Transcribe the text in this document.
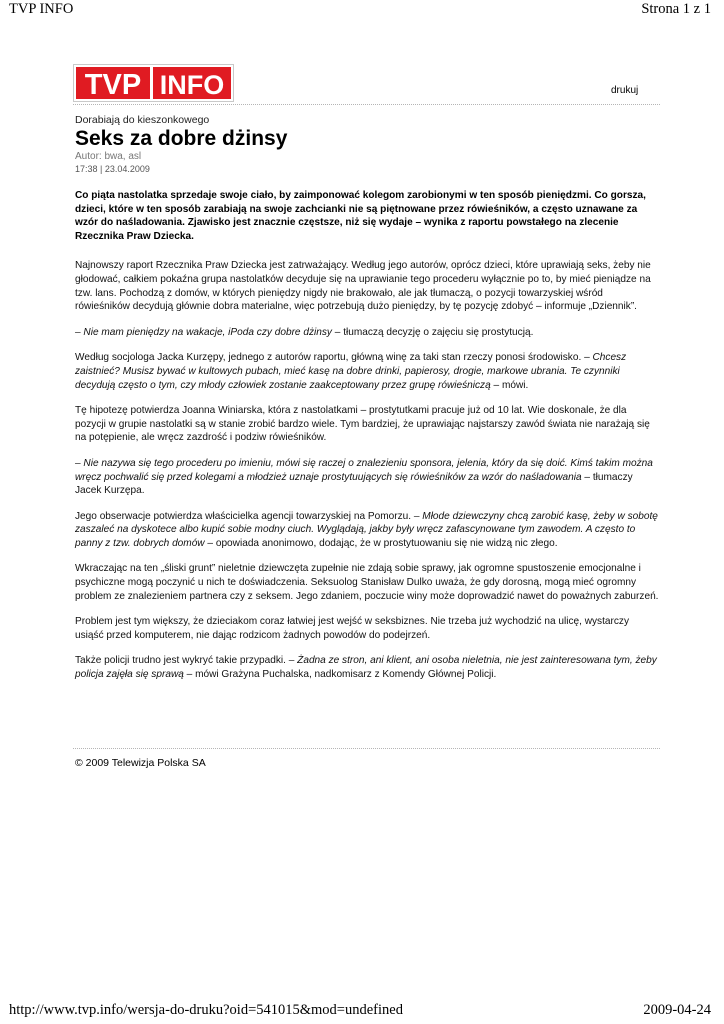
TVP INFO	Strona 1 z 1
TVP INFO	drukuj
Dorabiają do kieszonkowego
Seks za dobre dżinsy
Autor: bwa, asl
17:38 | 23.04.2009

Co piąta nastolatka sprzedaje swoje ciało, by zaimponować kolegom zarobionymi w ten sposób pieniędzmi. Co gorsza, dzieci, które w ten sposób zarabiają na swoje zachcianki nie są piętnowane przez rówieśników, a często uznawane za wzór do naśladowania. Zjawisko jest znacznie częstsze, niż się wydaje – wynika z raportu powstałego na zlecenie Rzecznika Praw Dziecka.

Najnowszy raport Rzecznika Praw Dziecka jest zatrważający. Według jego autorów, oprócz dzieci, które uprawiają seks, żeby nie głodować, całkiem pokaźna grupa nastolatków decyduje się na uprawianie tego procederu wyłącznie po to, by mieć pieniądze na tzw. lans. Pochodzą z domów, w których pieniędzy nigdy nie brakowało, ale jak tłumaczą, o pozycji towarzyskiej wśród rówieśników decydują głównie dobra materialne, więc potrzebują dużo pieniędzy, by tę pozycję zdobyć – informuje „Dziennik”.

– Nie mam pieniędzy na wakacje, iPoda czy dobre dżinsy – tłumaczą decyzję o zajęciu się prostytucją.

Według socjologa Jacka Kurzępy, jednego z autorów raportu, główną winę za taki stan rzeczy ponosi środowisko. – Chcesz zaistnieć? Musisz bywać w kultowych pubach, mieć kasę na dobre drinki, papierosy, drogie, markowe ubrania. Te czynniki decydują często o tym, czy młody człowiek zostanie zaakceptowany przez grupę rówieśniczą – mówi.

Tę hipotezę potwierdza Joanna Winiarska, która z nastolatkami – prostytutkami pracuje już od 10 lat. Wie doskonale, że dla pozycji w grupie nastolatki są w stanie zrobić bardzo wiele. Tym bardziej, że uprawiając najstarszy zawód świata nie narażają się na potępienie, ale wręcz zazdrość i podziw rówieśników.

– Nie nazywa się tego procederu po imieniu, mówi się raczej o znalezieniu sponsora, jelenia, który da się doić. Kimś takim można wręcz pochwalić się przed kolegami a młodzież uznaje prostytuujących się rówieśników za wzór do naśladowania – tłumaczy Jacek Kurzępa.

Jego obserwacje potwierdza właścicielka agencji towarzyskiej na Pomorzu. – Młode dziewczyny chcą zarobić kasę, żeby w sobotę zaszaleć na dyskotece albo kupić sobie modny ciuch. Wyglądają, jakby były wręcz zafascynowane tym zawodem. A często to panny z tzw. dobrych domów – opowiada anonimowo, dodając, że w prostytuowaniu się nie widzą nic złego.

Wkraczając na ten „śliski grunt” nieletnie dziewczęta zupełnie nie zdają sobie sprawy, jak ogromne spustoszenie emocjonalne i psychiczne mogą poczynić u nich te doświadczenia. Seksuolog Stanisław Dulko uważa, że gdy dorosną, mogą mieć ogromny problem ze znalezieniem partnera czy z seksem. Jego zdaniem, poczucie winy może doprowadzić nawet do poważnych zaburzeń.

Problem jest tym większy, że dzieciakom coraz łatwiej jest wejść w seksbiznes. Nie trzeba już wychodzić na ulicę, wystarczy usiąść przed komputerem, nie dając rodzicom żadnych powodów do podejrzeń.

Także policji trudno jest wykryć takie przypadki. – Żadna ze stron, ani klient, ani osoba nieletnia, nie jest zainteresowana tym, żeby policja zajęła się sprawą – mówi Grażyna Puchalska, nadkomisarz z Komendy Głównej Policji.

© 2009 Telewizja Polska SA
http://www.tvp.info/wersja-do-druku?oid=541015&mod=undefined	2009-04-24
